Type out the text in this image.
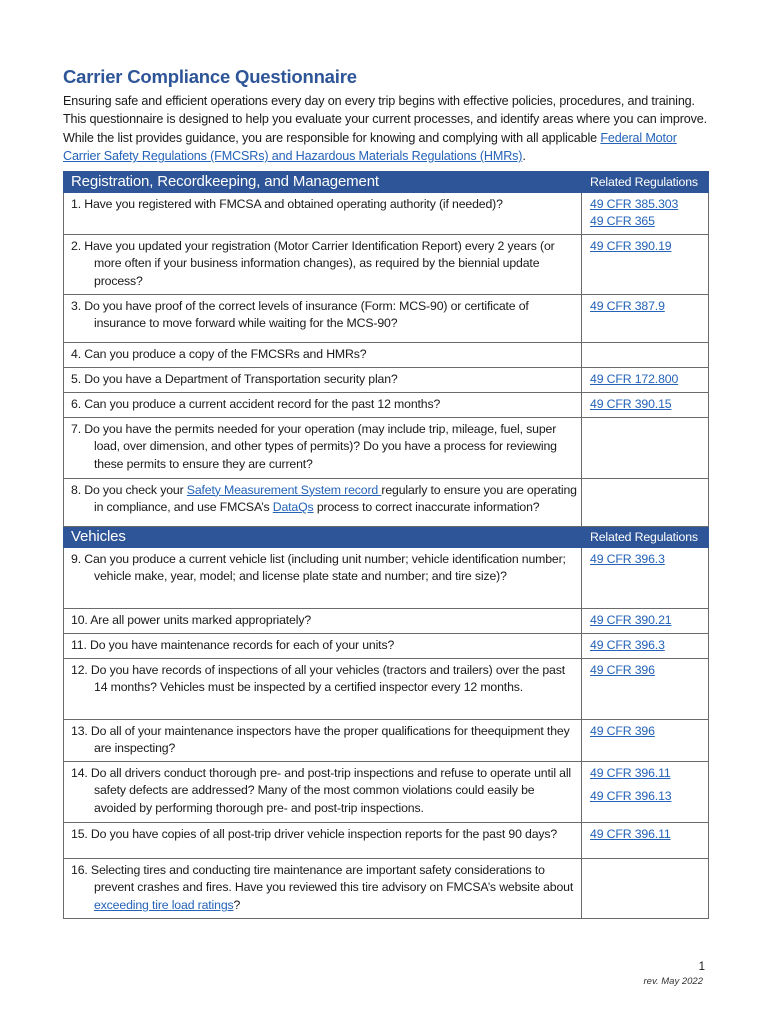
Carrier Compliance Questionnaire

Ensuring safe and efficient operations every day on every trip begins with effective policies, procedures, and training. This questionnaire is designed to help you evaluate your current processes, and identify areas where you can improve. While the list provides guidance, you are responsible for knowing and complying with all applicable Federal Motor Carrier Safety Regulations (FMCSRs) and Hazardous Materials Regulations (HMRs).

Registration, Recordkeeping, and Management	Related Regulations

1. Have you registered with FMCSA and obtained operating authority (if needed)?	49 CFR 385.303
49 CFR 365

2. Have you updated your registration (Motor Carrier Identification Report) every 2 years (or more often if your business information changes), as required by the biennial update process?	49 CFR 390.19

3. Do you have proof of the correct levels of insurance (Form: MCS-90) or certificate of insurance to move forward while waiting for the MCS-90?	49 CFR 387.9

4. Can you produce a copy of the FMCSRs and HMRs?	

5. Do you have a Department of Transportation security plan?	49 CFR 172.800

6. Can you produce a current accident record for the past 12 months?	49 CFR 390.15

7. Do you have the permits needed for your operation (may include trip, mileage, fuel, super load, over dimension, and other types of permits)? Do you have a process for reviewing these permits to ensure they are current?	

8. Do you check your Safety Measurement System record regularly to ensure you are operating in compliance, and use FMCSA’s DataQs process to correct inaccurate information?	

Vehicles	Related Regulations

9. Can you produce a current vehicle list (including unit number; vehicle identification number; vehicle make, year, model; and license plate state and number; and tire size)?	49 CFR 396.3

10. Are all power units marked appropriately?	49 CFR 390.21

11. Do you have maintenance records for each of your units?	49 CFR 396.3

12. Do you have records of inspections of all your vehicles (tractors and trailers) over the past 14 months? Vehicles must be inspected by a certified inspector every 12 months.	49 CFR 396

13. Do all of your maintenance inspectors have the proper qualifications for theequipment they are inspecting?	49 CFR 396

14. Do all drivers conduct thorough pre- and post-trip inspections and refuse to operate until all safety defects are addressed? Many of the most common violations could easily be avoided by performing thorough pre- and post-trip inspections.	49 CFR 396.11
49 CFR 396.13

15. Do you have copies of all post-trip driver vehicle inspection reports for the past 90 days?	49 CFR 396.11

16. Selecting tires and conducting tire maintenance are important safety considerations to prevent crashes and fires. Have you reviewed this tire advisory on FMCSA’s website about exceeding tire load ratings?	

1
rev. May 2022
